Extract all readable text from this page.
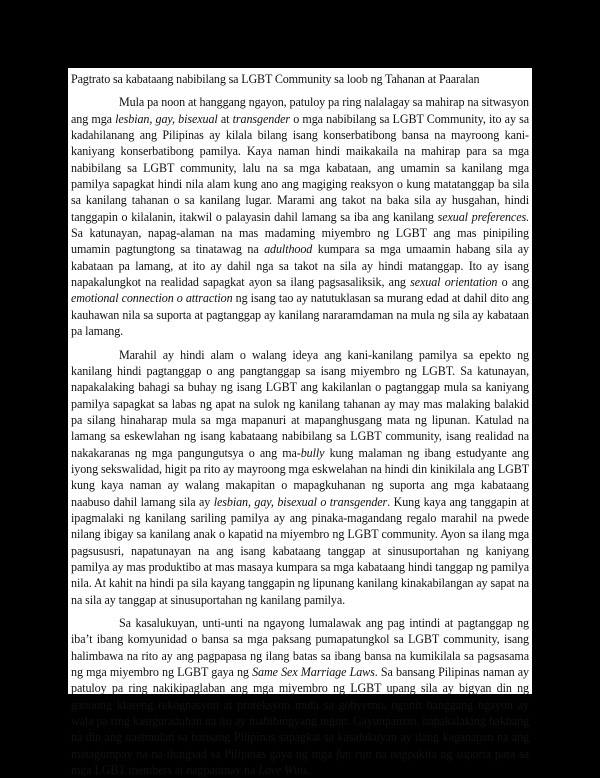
Pagtrato sa kabataang nabibilang sa LGBT Community sa loob ng Tahanan at Paaralan

Mula pa noon at hanggang ngayon, patuloy pa ring nalalagay sa mahirap na sitwasyon ang mga lesbian, gay, bisexual at transgender o mga nabibilang sa LGBT Community, ito ay sa kadahilanang ang Pilipinas ay kilala bilang isang konserbatibong bansa na mayroong kani-kaniyang konserbatibong pamilya. Kaya naman hindi maikakaila na mahirap para sa mga nabibilang sa LGBT community, lalu na sa mga kabataan, ang umamin sa kanilang mga pamilya sapagkat hindi nila alam kung ano ang magiging reaksyon o kung matatanggap ba sila sa kanilang tahanan o sa kanilang lugar. Marami ang takot na baka sila ay husgahan, hindi tanggapin o kilalanin, itakwil o palayasin dahil lamang sa iba ang kanilang sexual preferences. Sa katunayan, napag-alaman na mas madaming miyembro ng LGBT ang mas pinipiling umamin pagtungtong sa tinatawag na adulthood kumpara sa mga umaamin habang sila ay kabataan pa lamang, at ito ay dahil nga sa takot na sila ay hindi matanggap. Ito ay isang napakalungkot na realidad sapagkat ayon sa ilang pagsasaliksik, ang sexual orientation o ang emotional connection o attraction ng isang tao ay natutuklasan sa murang edad at dahil dito ang kauhawan nila sa suporta at pagtanggap ay kanilang nararamdaman na mula ng sila ay kabataan pa lamang.

Marahil ay hindi alam o walang ideya ang kani-kanilang pamilya sa epekto ng kanilang hindi pagtanggap o ang pangtanggap sa isang miyembro ng LGBT. Sa katunayan, napakalaking bahagi sa buhay ng isang LGBT ang kakilanlan o pagtanggap mula sa kaniyang pamilya sapagkat sa labas ng apat na sulok ng kanilang tahanan ay may mas malaking balakid pa silang hinaharap mula sa mga mapanuri at mapanghusgang mata ng lipunan. Katulad na lamang sa eskewlahan ng isang kabataang nabibilang sa LGBT community, isang realidad na nakakaranas ng mga pangungutsya o ang ma-bully kung malaman ng ibang estudyante ang iyong sekswalidad, higit pa rito ay mayroong mga eskwelahan na hindi din kinikilala ang LGBT kung kaya naman ay walang makapitan o mapagkuhanan ng suporta ang mga kabataang naabuso dahil lamang sila ay lesbian, gay, bisexual o transgender. Kung kaya ang tanggapin at ipagmalaki ng kanilang sariling pamilya ay ang pinaka-magandang regalo marahil na pwede nilang ibigay sa kanilang anak o kapatid na miyembro ng LGBT community. Ayon sa ilang mga pagsususri, napatunayan na ang isang kabataang tanggap at sinusuportahan ng kaniyang pamilya ay mas produktibo at mas masaya kumpara sa mga kabataang hindi tanggap ng pamilya nila. At kahit na hindi pa sila kayang tanggapin ng lipunang kanilang kinakabilangan ay sapat na na sila ay tanggap at sinusuportahan ng kanilang pamilya.

Sa kasalukuyan, unti-unti na ngayong lumalawak ang pag intindi at pagtanggap ng iba’t ibang komyunidad o bansa sa mga paksang pumapatungkol sa LGBT community, isang halimbawa na rito ay ang pagpapasa ng ilang batas sa ibang bansa na kumikilala sa pagsasama ng mga miyembro ng LGBT gaya ng Same Sex Marriage Laws. Sa bansang Pilipinas naman ay patuloy pa ring nakikipaglaban ang mga miyembro ng LGBT upang sila ay bigyan din ng ganoong klaseng rekognasyon at proteksyon mula sa gobyerno, ngunit hanggang ngayon ay wala pa ring kasiguraduhan na ito ay mabibingyang tugon. Gayunpaman, napakalaking hakbang na din ang nasimulan sa bansang Pilipinas sapagkat sa kasalukuyan ay ilang kaganapan na ang matagumpay na na-ilungsad sa Pilipinas gaya ng mga fun run na nagpakita ng suporta para sa mga LGBT members at nagpatunay na Love Wins.
